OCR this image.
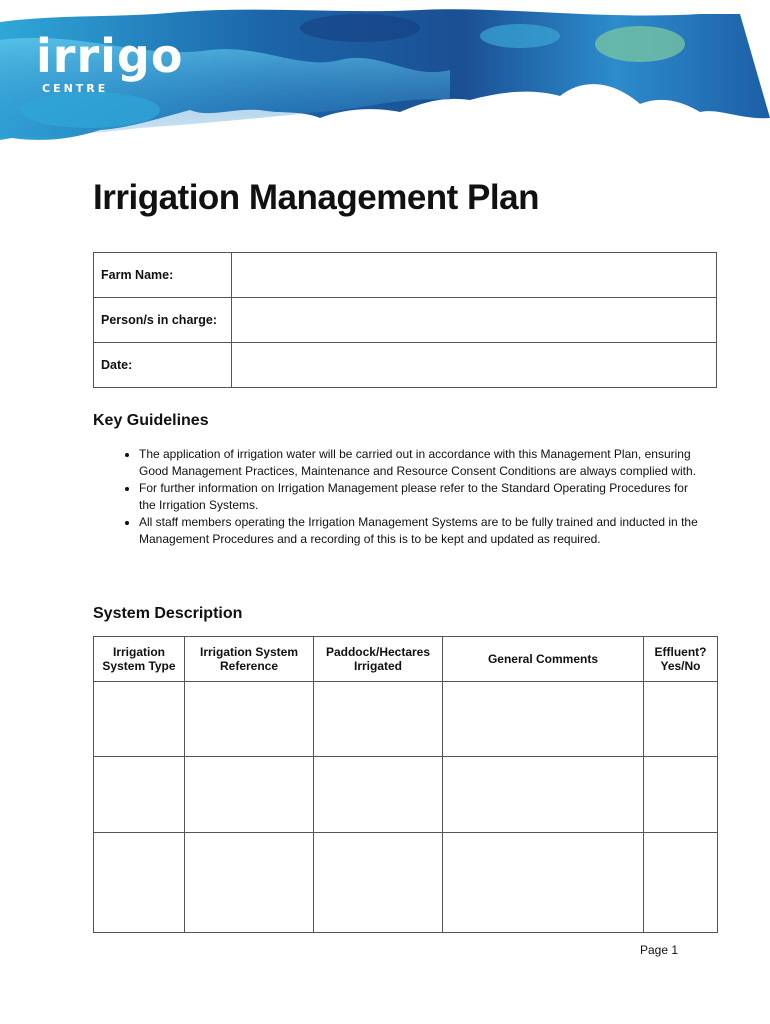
irrigo
CENTRE
Irrigation Management Plan
Farm Name:	
Person/s in charge:	
Date:	
Key Guidelines
• The application of irrigation water will be carried out in accordance with this Management Plan, ensuring Good Management Practices, Maintenance and Resource Consent Conditions are always complied with.
• For further information on Irrigation Management please refer to the Standard Operating Procedures for the Irrigation Systems.
• All staff members operating the Irrigation Management Systems are to be fully trained and inducted in the Management Procedures and a recording of this is to be kept and updated as required.
System Description
Irrigation System Type	Irrigation System Reference	Paddock/Hectares Irrigated	General Comments	Effluent? Yes/No

Page 1
